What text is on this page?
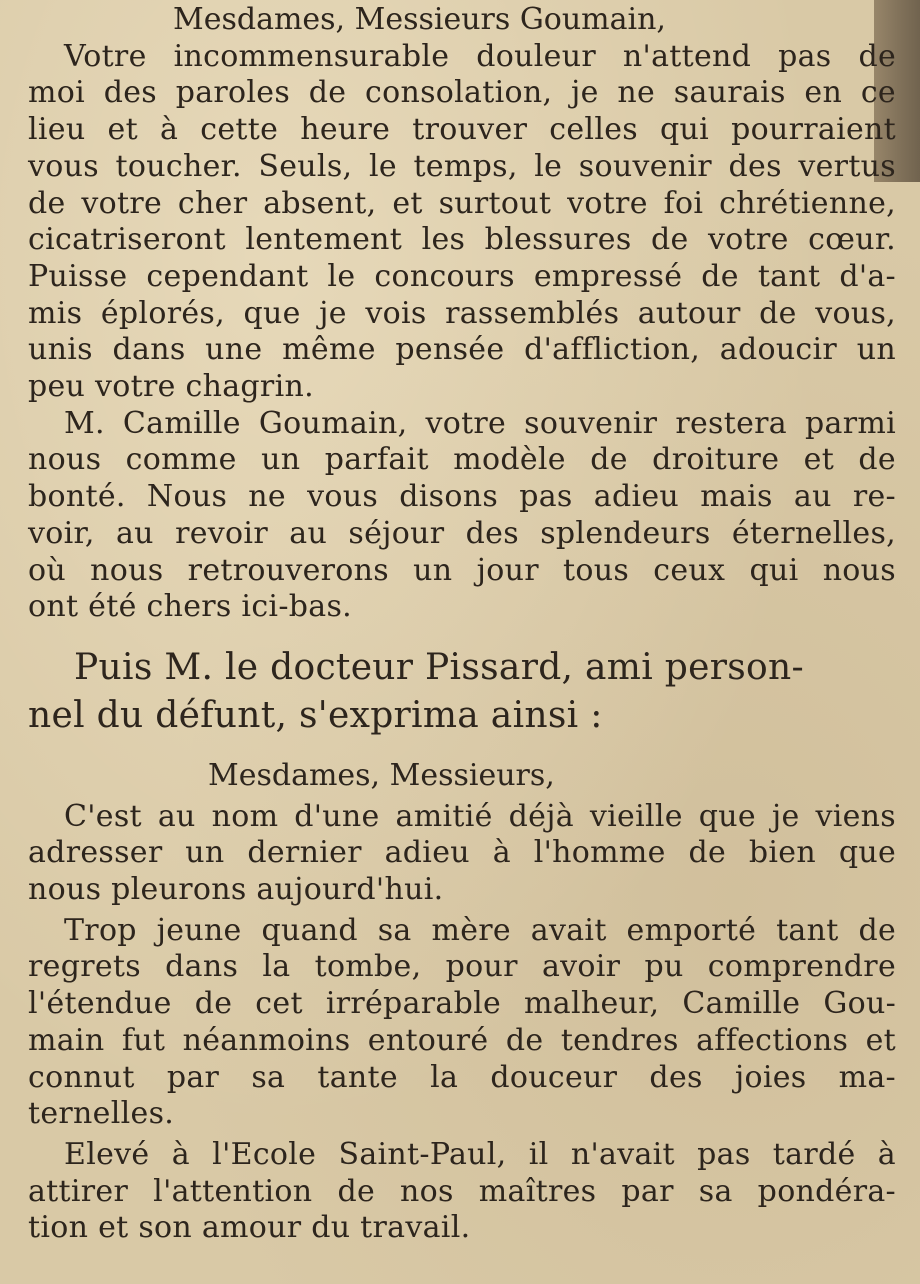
Mesdames, Messieurs Goumain,
Votre incommensurable douleur n'attend pas de
moi des paroles de consolation, je ne saurais en ce
lieu et à cette heure trouver celles qui pourraient
vous toucher. Seuls, le temps, le souvenir des vertus
de votre cher absent, et surtout votre foi chrétienne,
cicatriseront lentement les blessures de votre cœur.
Puisse cependant le concours empressé de tant d'a-
mis éplorés, que je vois rassemblés autour de vous,
unis dans une même pensée d'affliction, adoucir un
peu votre chagrin.
M. Camille Goumain, votre souvenir restera parmi
nous comme un parfait modèle de droiture et de
bonté. Nous ne vous disons pas adieu mais au re-
voir, au revoir au séjour des splendeurs éternelles,
où nous retrouverons un jour tous ceux qui nous
ont été chers ici-bas.
Puis M. le docteur Pissard, ami person-
nel du défunt, s'exprima ainsi :
Mesdames, Messieurs,
C'est au nom d'une amitié déjà vieille que je viens
adresser un dernier adieu à l'homme de bien que
nous pleurons aujourd'hui.
Trop jeune quand sa mère avait emporté tant de
regrets dans la tombe, pour avoir pu comprendre
l'étendue de cet irréparable malheur, Camille Gou-
main fut néanmoins entouré de tendres affections et
connut par sa tante la douceur des joies ma-
ternelles.
Elevé à l'Ecole Saint-Paul, il n'avait pas tardé à
attirer l'attention de nos maîtres par sa pondéra-
tion et son amour du travail.
